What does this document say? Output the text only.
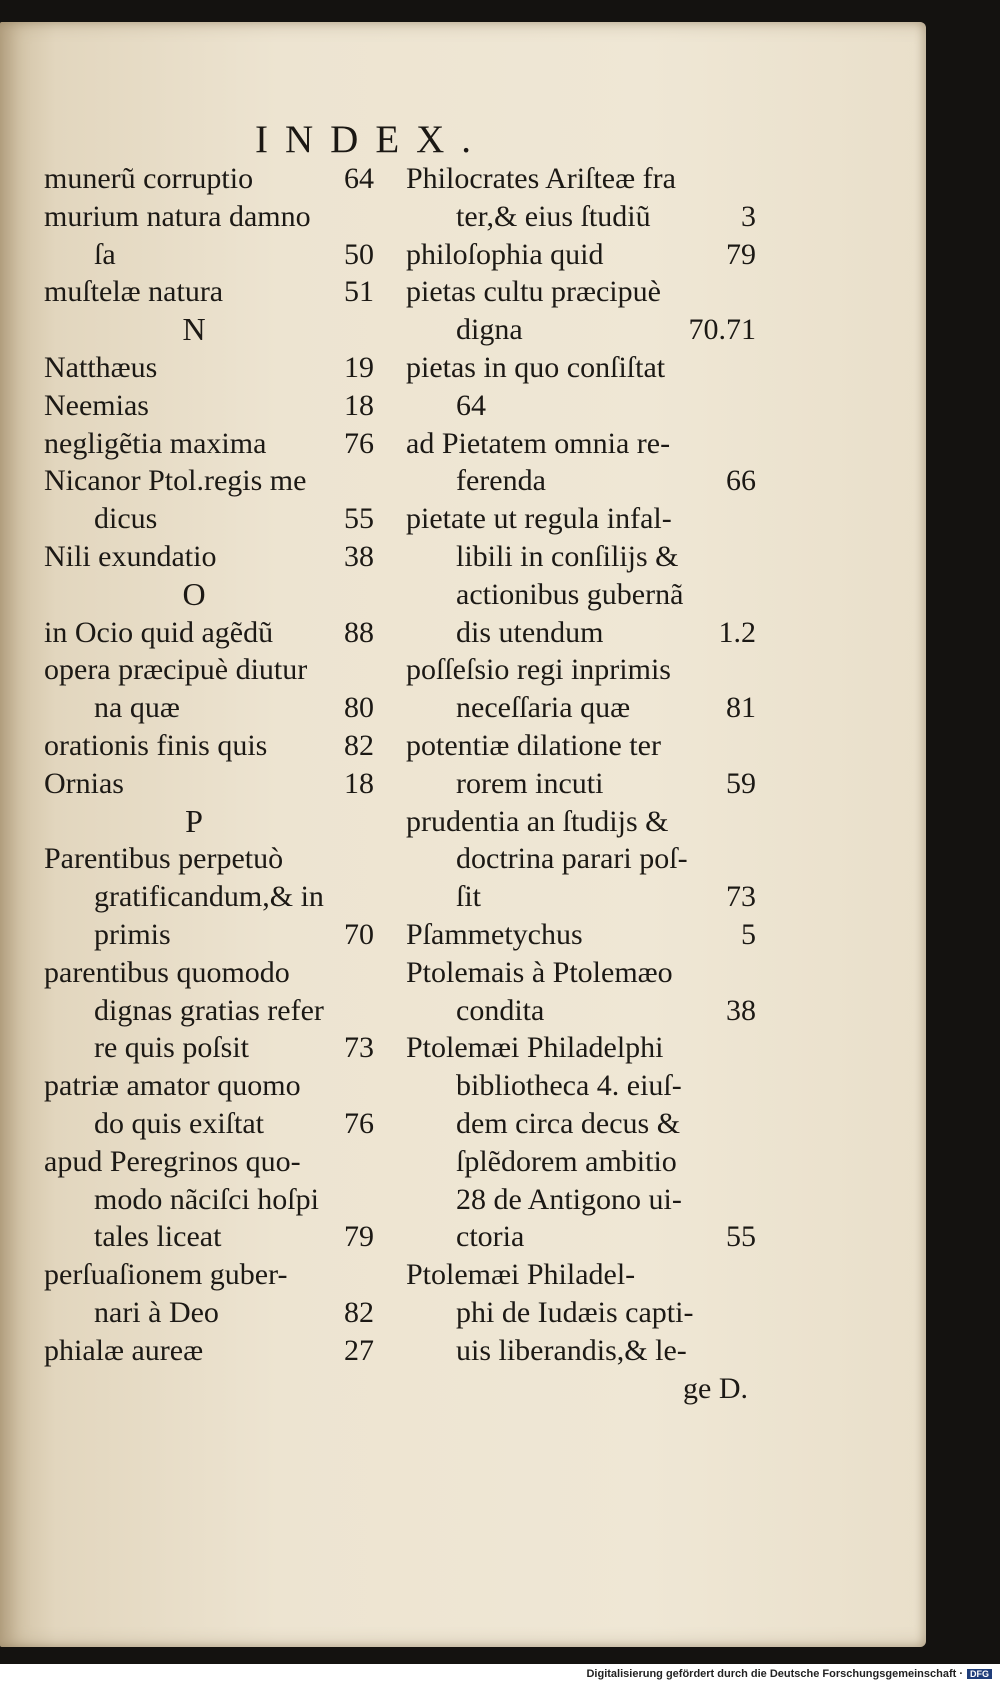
INDEX.
munerũ corruptio	64
murium natura damno
ſa	50
muſtelæ natura	51
N
Natthæus	19
Neemias	18
negligẽtia maxima	76
Nicanor Ptol.regis me
dicus	55
Nili exundatio	38
O
in Ocio quid agẽdũ 88
opera præcipuè diutur
na quæ	80
orationis finis quis	82
Ornias	18
P
Parentibus perpetuò
gratificandum,& in
primis	70
parentibus quomodo
dignas gratias refer
re quis poſsit	73
patriæ amator quomo
do quis exiſtat	76
apud Peregrinos quo-
modo nãciſci hoſpi
tales liceat	79
perſuaſionem guber-
nari à Deo	82
phialæ aureæ	27
Philocrates Ariſteæ fra
ter,& eius ſtudiũ	3
philoſophia quid	79
pietas cultu præcipuè
digna	70.71
pietas in quo conſiſtat
64
ad Pietatem omnia re-
ferenda	66
pietate ut regula infal-
libili in conſilijs &
actionibus gubernã
dis utendum	1.2
poſſeſsio regi inprimis
neceſſaria quæ	81
potentiæ dilatione ter
rorem incuti	59
prudentia an ſtudijs &
doctrina parari poſ-
ſit	73
Pſammetychus	5
Ptolemais à Ptolemæo
condita	38
Ptolemæi Philadelphi
bibliotheca 4. eiuſ-
dem circa decus &
ſplẽdorem ambitio
28 de Antigono ui-
ctoria	55
Ptolemæi Philadel-
phi de Iudæis capti-
uis liberandis,& le-
ge D.
Digitalisierung gefördert durch die Deutsche Forschungsgemeinschaft · DFG
